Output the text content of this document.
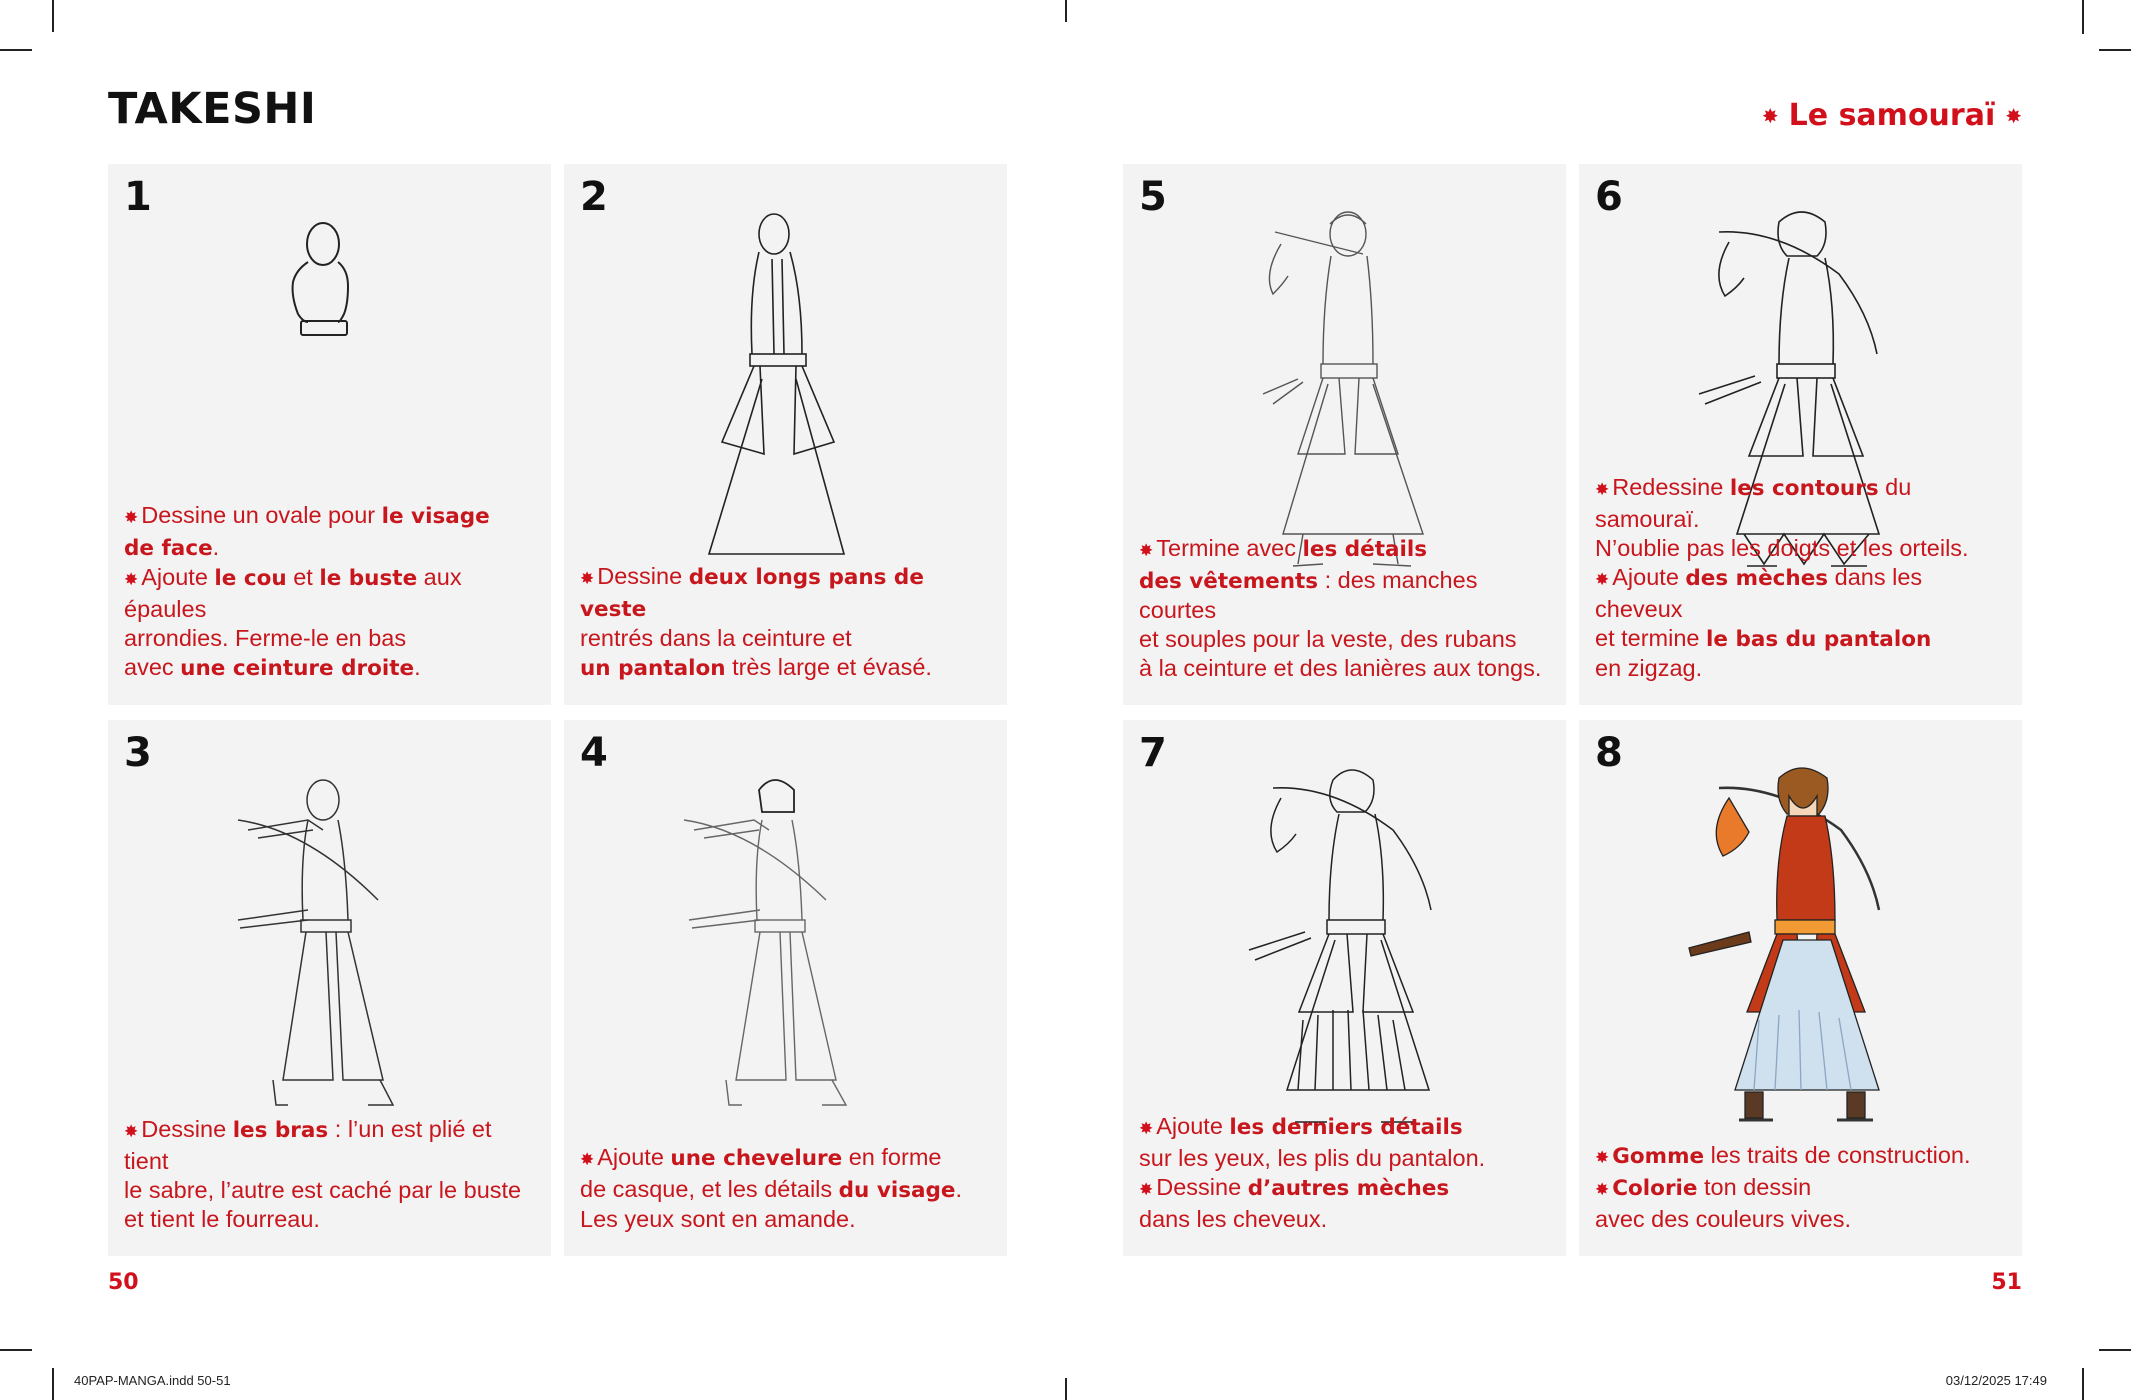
TAKESHI	✸ Le samouraï ✸
1

✸ Dessine un ovale pour le visage

de face.

✸ Ajoute le cou et le buste aux épaules

arrondies. Ferme-le en bas

avec une ceinture droite.

2

✸ Dessine deux longs pans de veste

rentrés dans la ceinture et

un pantalon très large et évasé.

5

✸ Termine avec les détails

des vêtements : des manches courtes

et souples pour la veste, des rubans

à la ceinture et des lanières aux tongs.

6

✸ Redessine les contours du samouraï.

N’oublie pas les doigts et les orteils.

✸ Ajoute des mèches dans les cheveux

et termine le bas du pantalon

en zigzag.

3

✸ Dessine les bras : l’un est plié et tient

le sabre, l’autre est caché par le buste

et tient le fourreau.

4

✸ Ajoute une chevelure en forme

de casque, et les détails du visage.

Les yeux sont en amande.

7

✸ Ajoute les derniers détails

sur les yeux, les plis du pantalon.

✸ Dessine d’autres mèches

dans les cheveux.

8

✸ Gomme les traits de construction.

✸ Colorie ton dessin

avec des couleurs vives.

50	51
40PAP-MANGA.indd 50-51	03/12/2025 17:49
